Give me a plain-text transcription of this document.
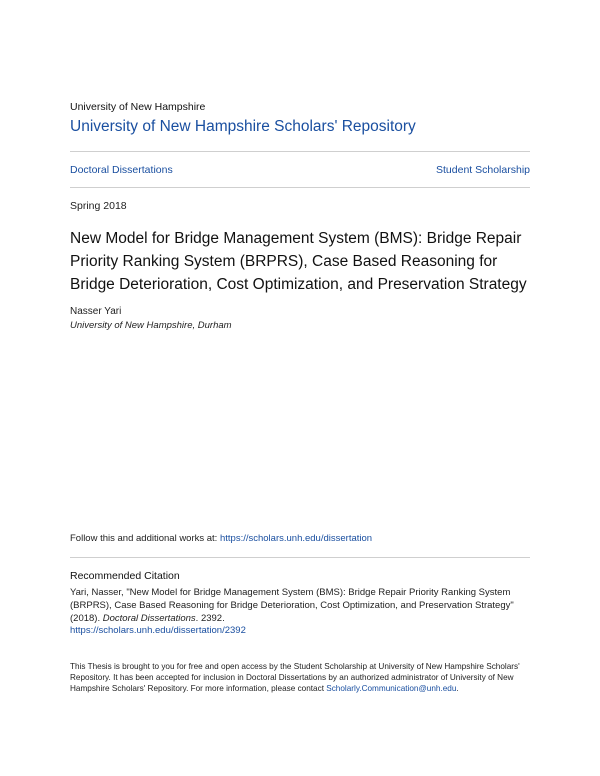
University of New Hampshire
University of New Hampshire Scholars' Repository
Doctoral Dissertations	Student Scholarship
Spring 2018
New Model for Bridge Management System (BMS): Bridge Repair Priority Ranking System (BRPRS), Case Based Reasoning for Bridge Deterioration, Cost Optimization, and Preservation Strategy
Nasser Yari
University of New Hampshire, Durham
Follow this and additional works at: https://scholars.unh.edu/dissertation
Recommended Citation
Yari, Nasser, "New Model for Bridge Management System (BMS): Bridge Repair Priority Ranking System (BRPRS), Case Based Reasoning for Bridge Deterioration, Cost Optimization, and Preservation Strategy" (2018). Doctoral Dissertations. 2392.
https://scholars.unh.edu/dissertation/2392
This Thesis is brought to you for free and open access by the Student Scholarship at University of New Hampshire Scholars' Repository. It has been accepted for inclusion in Doctoral Dissertations by an authorized administrator of University of New Hampshire Scholars' Repository. For more information, please contact Scholarly.Communication@unh.edu.
